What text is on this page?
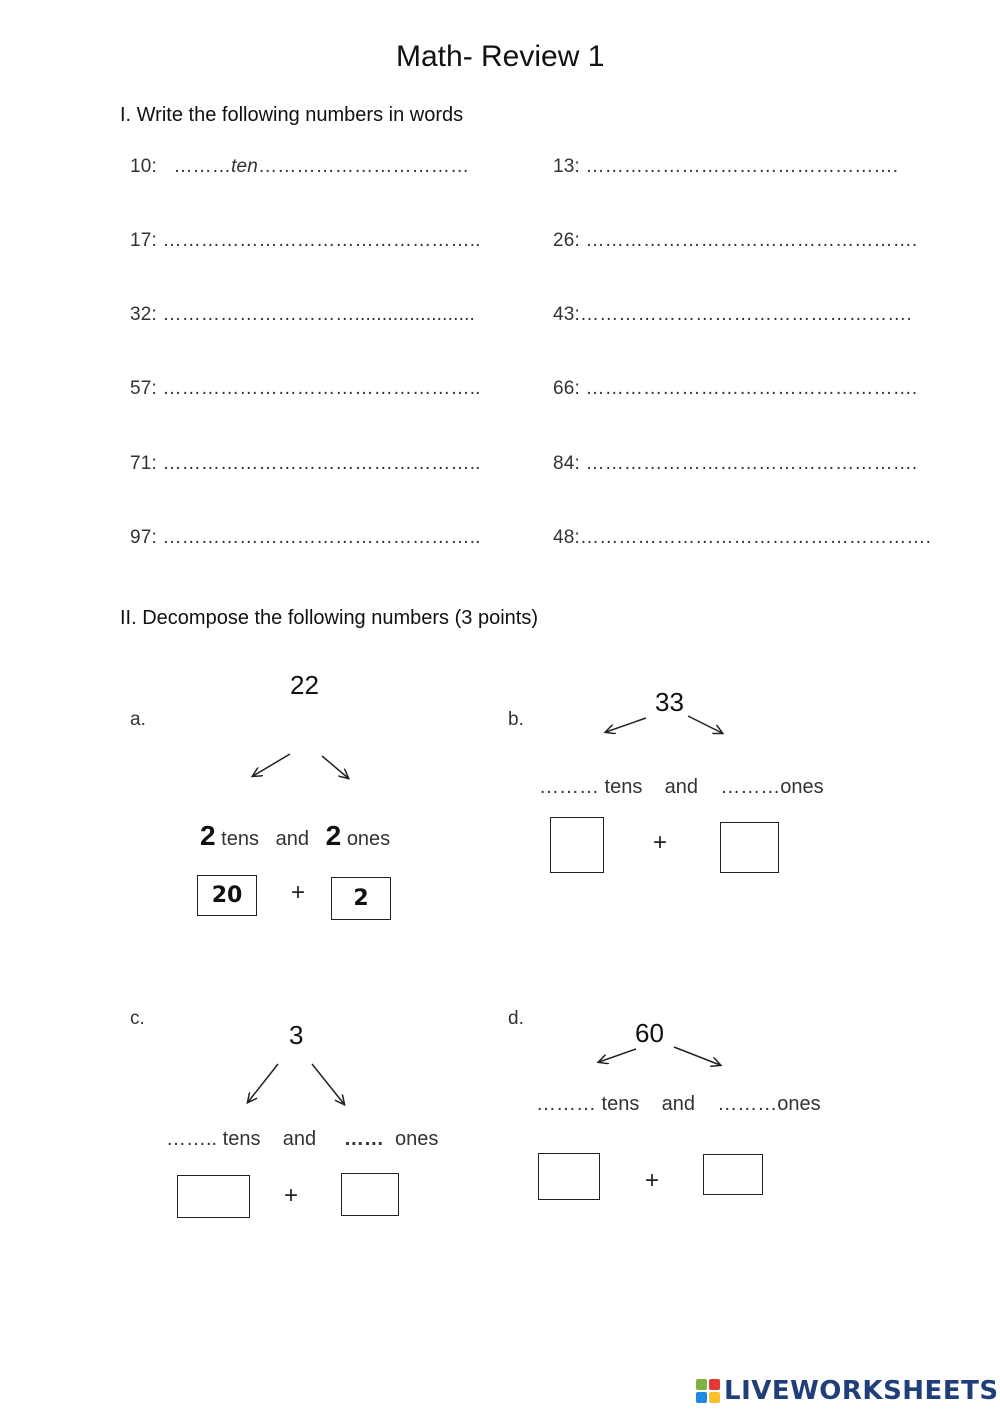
Math- Review 1
I. Write the following numbers in words
10: ………ten……………………………
17: …………………………………………..
32: …………………………......................
57: …………………………………………..
71: …………………………………………..
97: …………………………………………..
13: ………………………………………….
26: …………………………………………….
43:…………………………………………….
66: …………………………………………….
84: …………………………………………….
48:……………………………………………….
II. Decompose the following numbers (3 points)
a.
22
2 tens and 2 ones
20	+	2
b.
33
……… tens and ………ones
+
c.
3
…….. tens and …… ones
+
d.	60
……… tens and ………ones
+
LIVEWORKSHEETS
